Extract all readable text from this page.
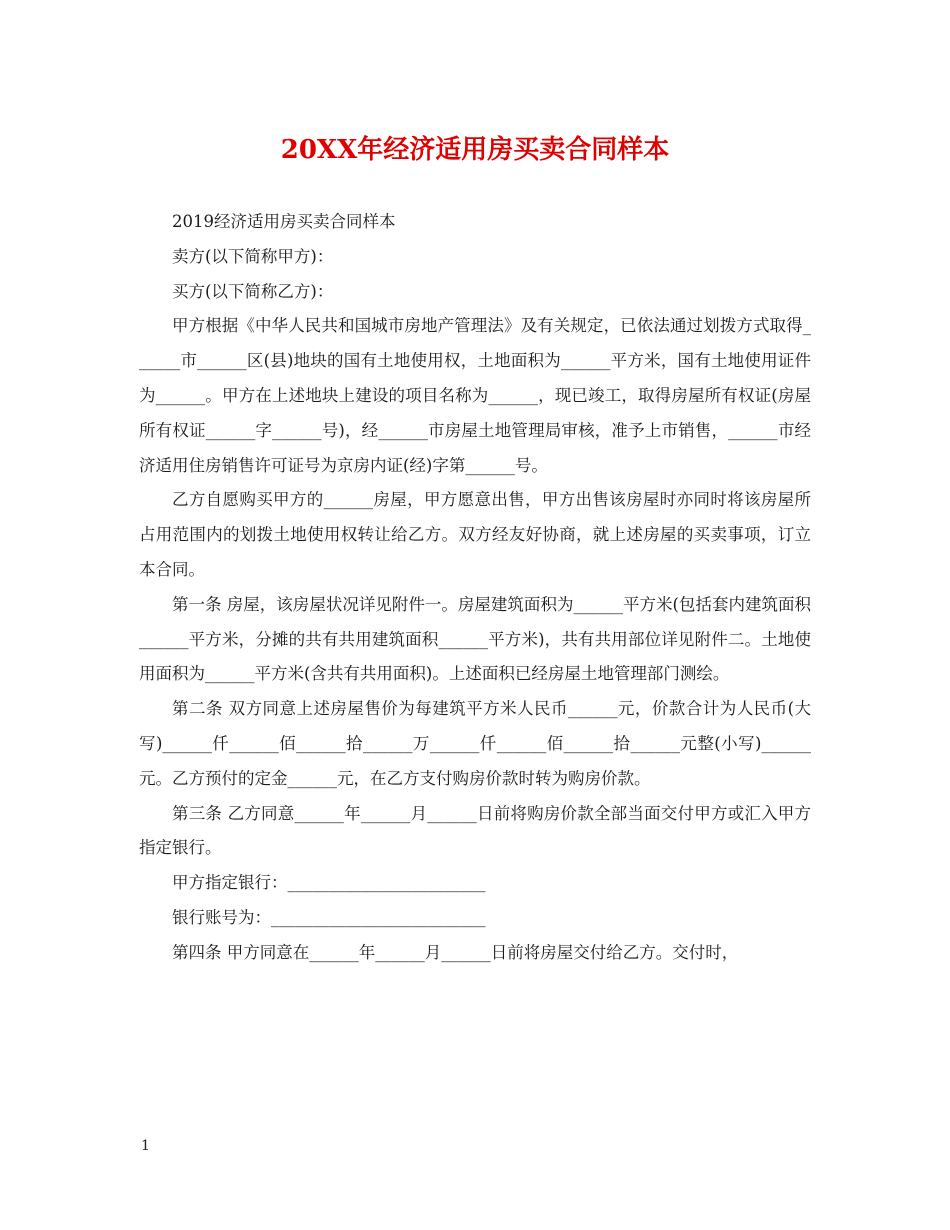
20XX年经济适用房买卖合同样本

2019经济适用房买卖合同样本

卖方(以下简称甲方)：

买方(以下简称乙方)：

甲方根据《中华人民共和国城市房地产管理法》及有关规定，已依法通过划拨方式取得______市______区(县)地块的国有土地使用权，土地面积为______平方米，国有土地使用证件为______。甲方在上述地块上建设的项目名称为______，现已竣工，取得房屋所有权证(房屋所有权证______字______号)，经______市房屋土地管理局审核，准予上市销售，______市经济适用住房销售许可证号为京房内证(经)字第______号。

乙方自愿购买甲方的______房屋，甲方愿意出售，甲方出售该房屋时亦同时将该房屋所占用范围内的划拨土地使用权转让给乙方。双方经友好协商，就上述房屋的买卖事项，订立本合同。

第一条 房屋，该房屋状况详见附件一。房屋建筑面积为______平方米(包括套内建筑面积______平方米，分摊的共有共用建筑面积______平方米)，共有共用部位详见附件二。土地使用面积为______平方米(含共有共用面积)。上述面积已经房屋土地管理部门测绘。

第二条 双方同意上述房屋售价为每建筑平方米人民币______元，价款合计为人民币(大写)______仟______佰______拾______万______仟______佰______拾______元整(小写)______元。乙方预付的定金______元，在乙方支付购房价款时转为购房价款。

第三条 乙方同意______年______月______日前将购房价款全部当面交付甲方或汇入甲方指定银行。

甲方指定银行：________________________

银行账号为：__________________________

第四条 甲方同意在______年______月______日前将房屋交付给乙方。交付时，

1
